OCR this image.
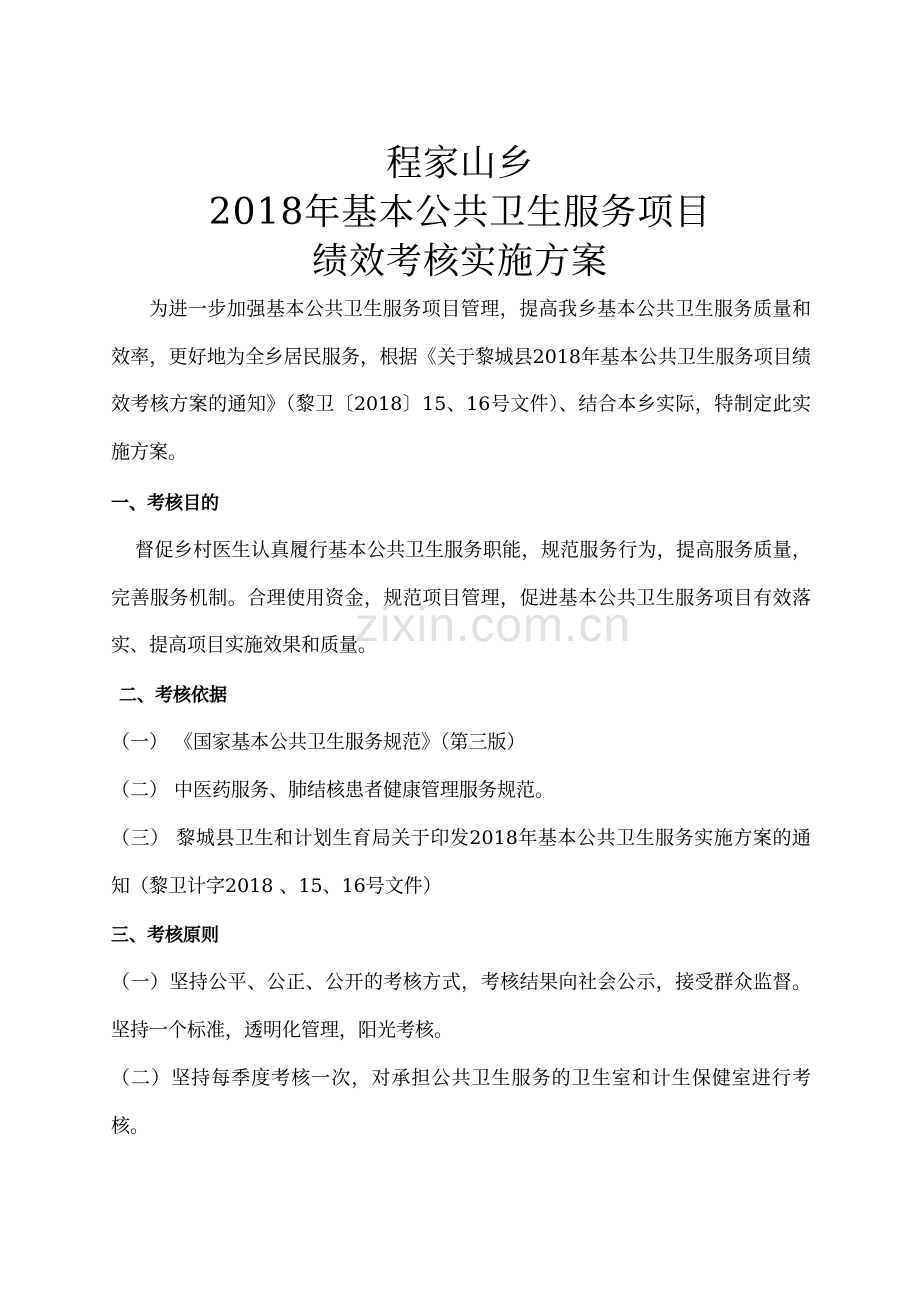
程家山乡
2018年基本公共卫生服务项目
绩效考核实施方案
为进一步加强基本公共卫生服务项目管理，提高我乡基本公共卫生服务质量和效率，更好地为全乡居民服务，根据《关于黎城县2018年基本公共卫生服务项目绩效考核方案的通知》（黎卫〔2018〕15、16号文件）、结合本乡实际，特制定此实施方案。
一、考核目的
督促乡村医生认真履行基本公共卫生服务职能，规范服务行为，提高服务质量，完善服务机制。合理使用资金，规范项目管理，促进基本公共卫生服务项目有效落实、提高项目实施效果和质量。
二、考核依据
（一） 《国家基本公共卫生服务规范》（第三版）
（二） 中医药服务、肺结核患者健康管理服务规范。
（三） 黎城县卫生和计划生育局关于印发2018年基本公共卫生服务实施方案的通知（黎卫计字2018 、15、16号文件）
三、考核原则
（一）坚持公平、公正、公开的考核方式，考核结果向社会公示，接受群众监督。坚持一个标准，透明化管理，阳光考核。
（二）坚持每季度考核一次，对承担公共卫生服务的卫生室和计生保健室进行考核。
zixin.com.cn
